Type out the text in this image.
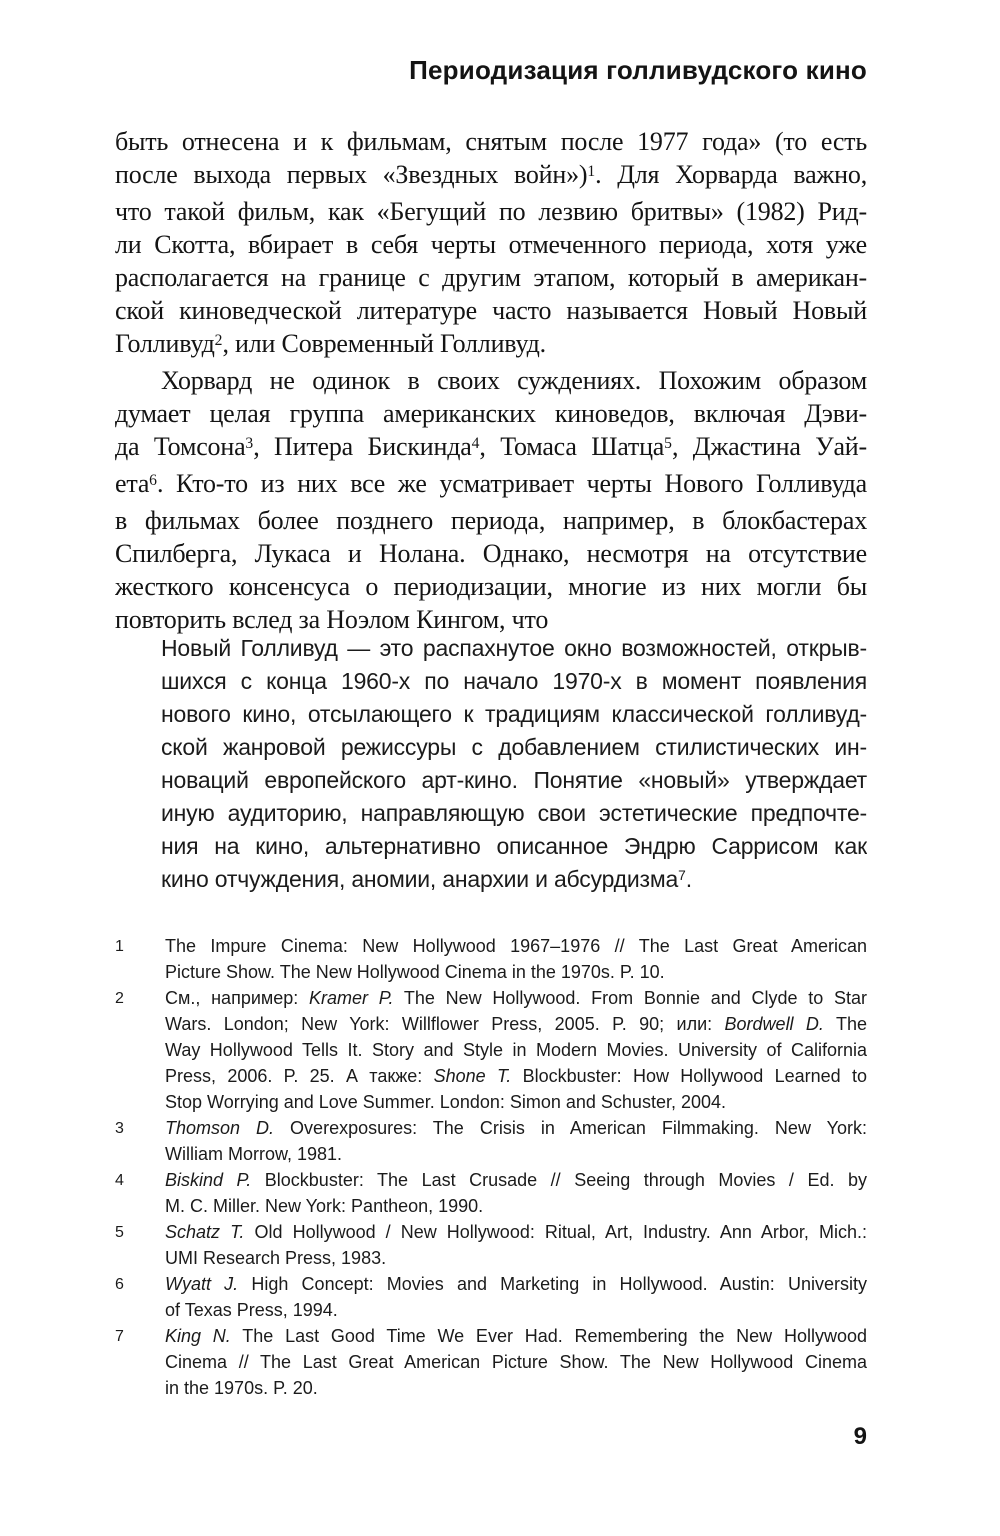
Периодизация голливудского кино
быть отнесена и к фильмам, снятым после 1977 года» (то есть
после выхода первых «Звездных войн»)$^1$. Для Хорварда важно,
что такой фильм, как «Бегущий по лезвию бритвы» (1982) Рид-
ли Скотта, вбирает в себя черты отмеченного периода, хотя уже
располагается на границе с другим этапом, который в американ-
ской киноведческой литературе часто называется Новый Новый
Голливуд$^2$, или Современный Голливуд.
Хорвард не одинок в своих суждениях. Похожим образом
думает целая группа американских киноведов, включая Дэви-
да Томсона$^3$, Питера Бискинда$^4$, Томаса Шатца$^5$, Джастина Уай-
ета$^6$. Кто-то из них все же усматривает черты Нового Голливуда
в фильмах более позднего периода, например, в блокбастерах
Спилберга, Лукаса и Нолана. Однако, несмотря на отсутствие
жесткого консенсуса о периодизации, многие из них могли бы
повторить вслед за Ноэлом Кингом, что
Новый Голливуд — это распахнутое окно возможностей, открыв-
шихся с конца 1960-х по начало 1970-х в момент появления
нового кино, отсылающего к традициям классической голливуд-
ской жанровой режиссуры с добавлением стилистических ин-
новаций европейского арт-кино. Понятие «новый» утверждает
иную аудиторию, направляющую свои эстетические предпочте-
ния на кино, альтернативно описанное Эндрю Саррисом как
кино отчуждения, аномии, анархии и абсурдизма$^7$.
1	The Impure Cinema: New Hollywood 1967–1976 // The Last Great American
Picture Show. The New Hollywood Cinema in the 1970s. P. 10.
2	См., например: Kramer P. The New Hollywood. From Bonnie and Clyde to Star
Wars. London; New York: Willflower Press, 2005. P. 90; или: Bordwell D. The
Way Hollywood Tells It. Story and Style in Modern Movies. University of California
Press, 2006. P. 25. А также: Shone T. Blockbuster: How Hollywood Learned to
Stop Worrying and Love Summer. London: Simon and Schuster, 2004.
3	Thomson D. Overexposures: The Crisis in American Filmmaking. New York:
William Morrow, 1981.
4	Biskind P. Blockbuster: The Last Crusade // Seeing through Movies / Ed. by
M. C. Miller. New York: Pantheon, 1990.
5	Schatz T. Old Hollywood / New Hollywood: Ritual, Art, Industry. Ann Arbor, Mich.:
UMI Research Press, 1983.
6	Wyatt J. High Concept: Movies and Marketing in Hollywood. Austin: University
of Texas Press, 1994.
7	King N. The Last Good Time We Ever Had. Remembering the New Hollywood
Cinema // The Last Great American Picture Show. The New Hollywood Cinema
in the 1970s. P. 20.
9
